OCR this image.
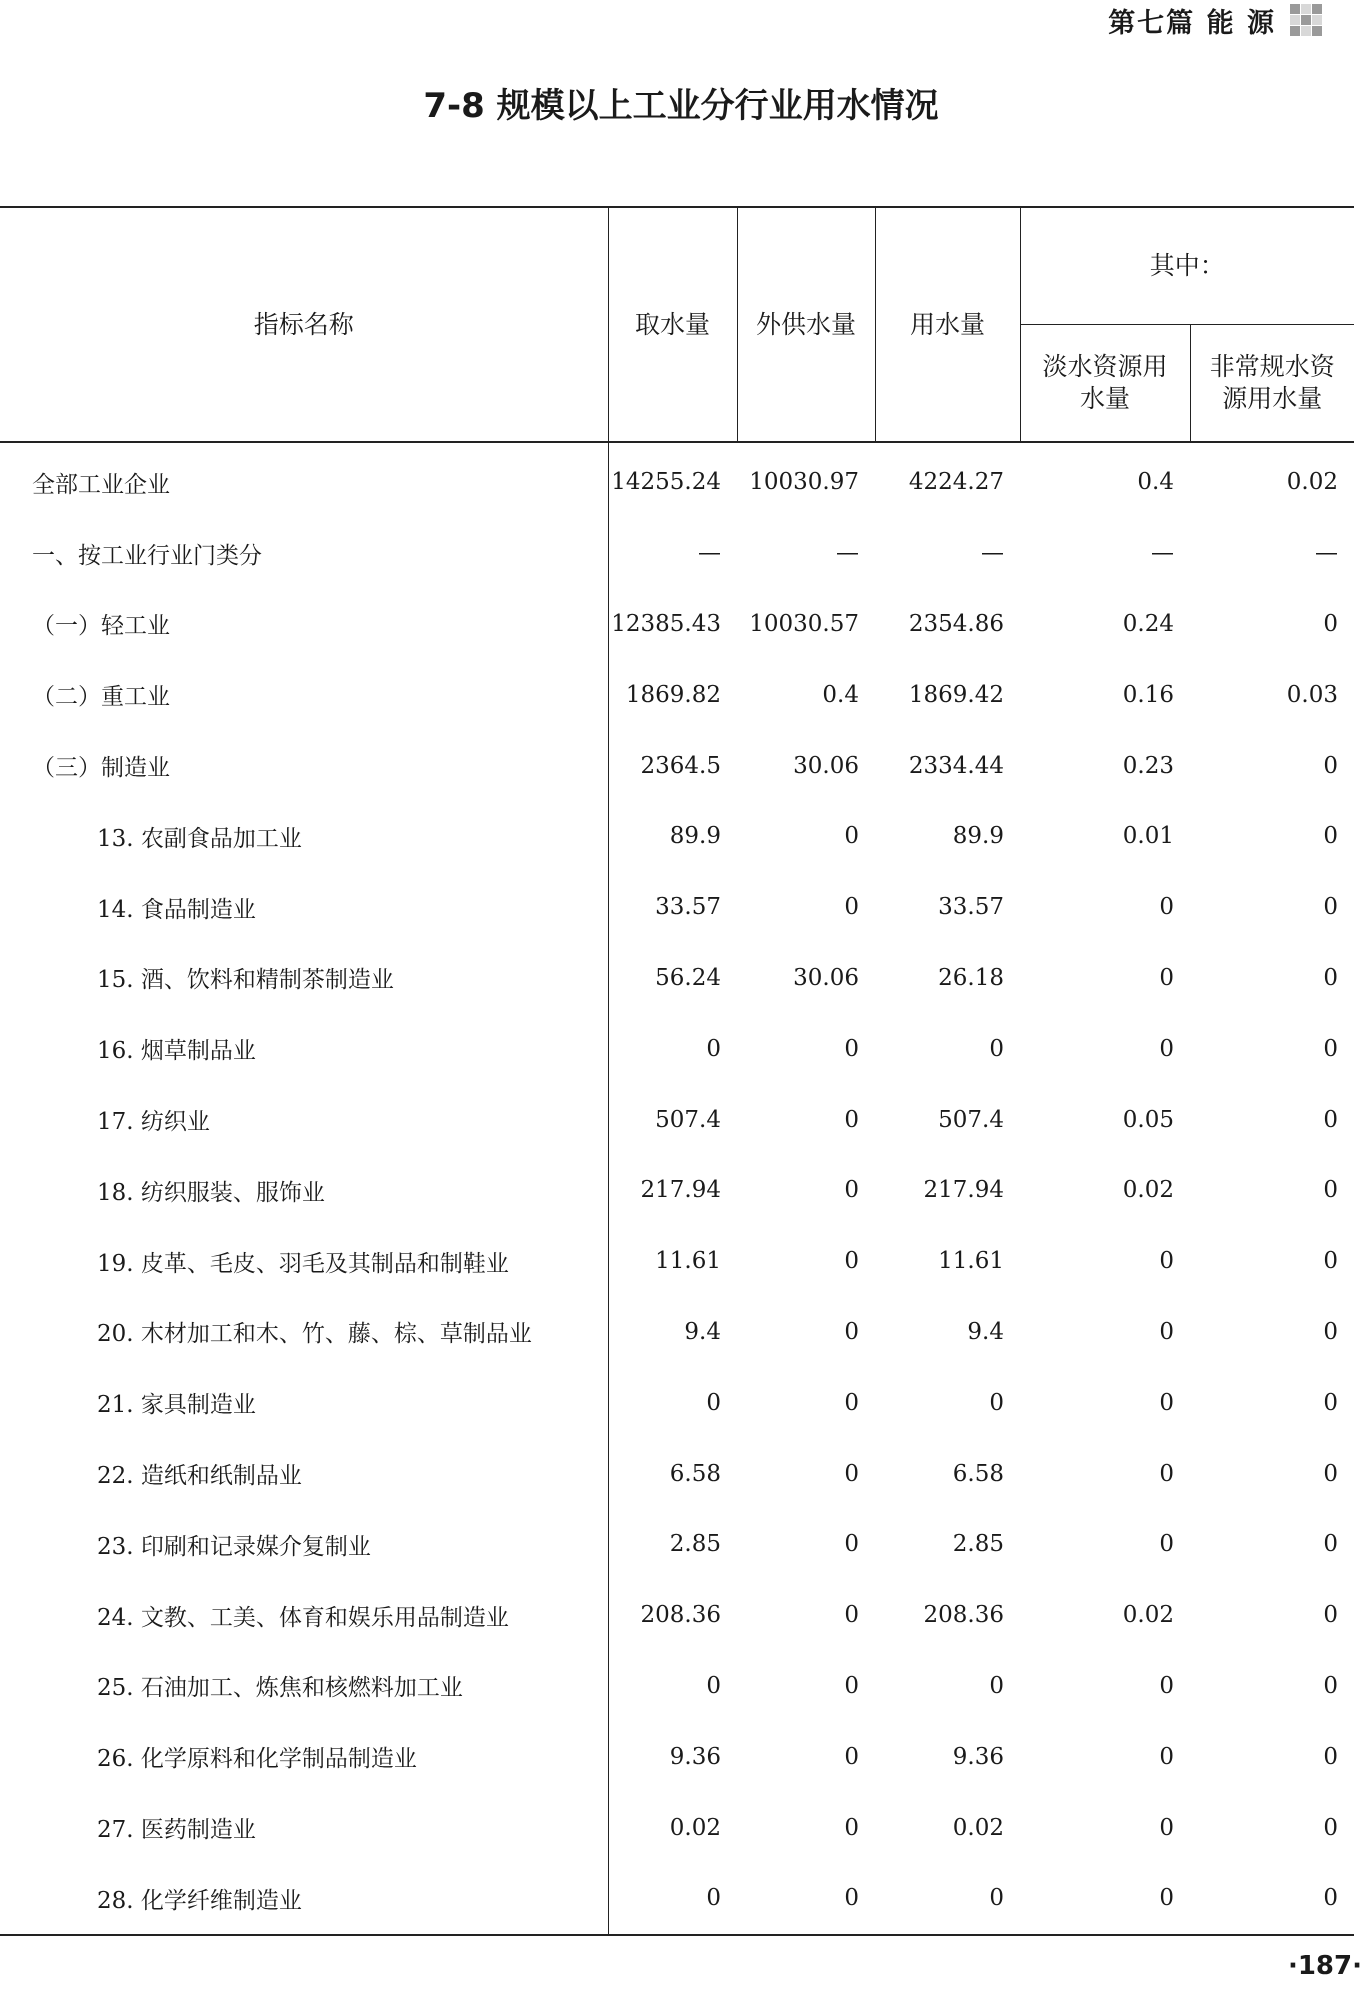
第七篇 能 源
7-8 规模以上工业分行业用水情况
指标名称	取水量	外供水量	用水量	其中：	

				淡水资源用水量	非常规水资源用水量

全部工业企业	14255.24	10030.97	4224.27	0.4	0.02
一、按工业行业门类分	—	—	—	—	—
（一）轻工业	12385.43	10030.57	2354.86	0.24	0
（二）重工业	1869.82	0.4	1869.42	0.16	0.03
（三）制造业	2364.5	30.06	2334.44	0.23	0
13. 农副食品加工业	89.9	0	89.9	0.01	0
14. 食品制造业	33.57	0	33.57	0	0
15. 酒、饮料和精制茶制造业	56.24	30.06	26.18	0	0
16. 烟草制品业	0	0	0	0	0
17. 纺织业	507.4	0	507.4	0.05	0
18. 纺织服装、服饰业	217.94	0	217.94	0.02	0
19. 皮革、毛皮、羽毛及其制品和制鞋业	11.61	0	11.61	0	0
20. 木材加工和木、竹、藤、棕、草制品业	9.4	0	9.4	0	0
21. 家具制造业	0	0	0	0	0
22. 造纸和纸制品业	6.58	0	6.58	0	0
23. 印刷和记录媒介复制业	2.85	0	2.85	0	0
24. 文教、工美、体育和娱乐用品制造业	208.36	0	208.36	0.02	0
25. 石油加工、炼焦和核燃料加工业	0	0	0	0	0
26. 化学原料和化学制品制造业	9.36	0	9.36	0	0
27. 医药制造业	0.02	0	0.02	0	0
28. 化学纤维制造业	0	0	0	0	0
·187·
